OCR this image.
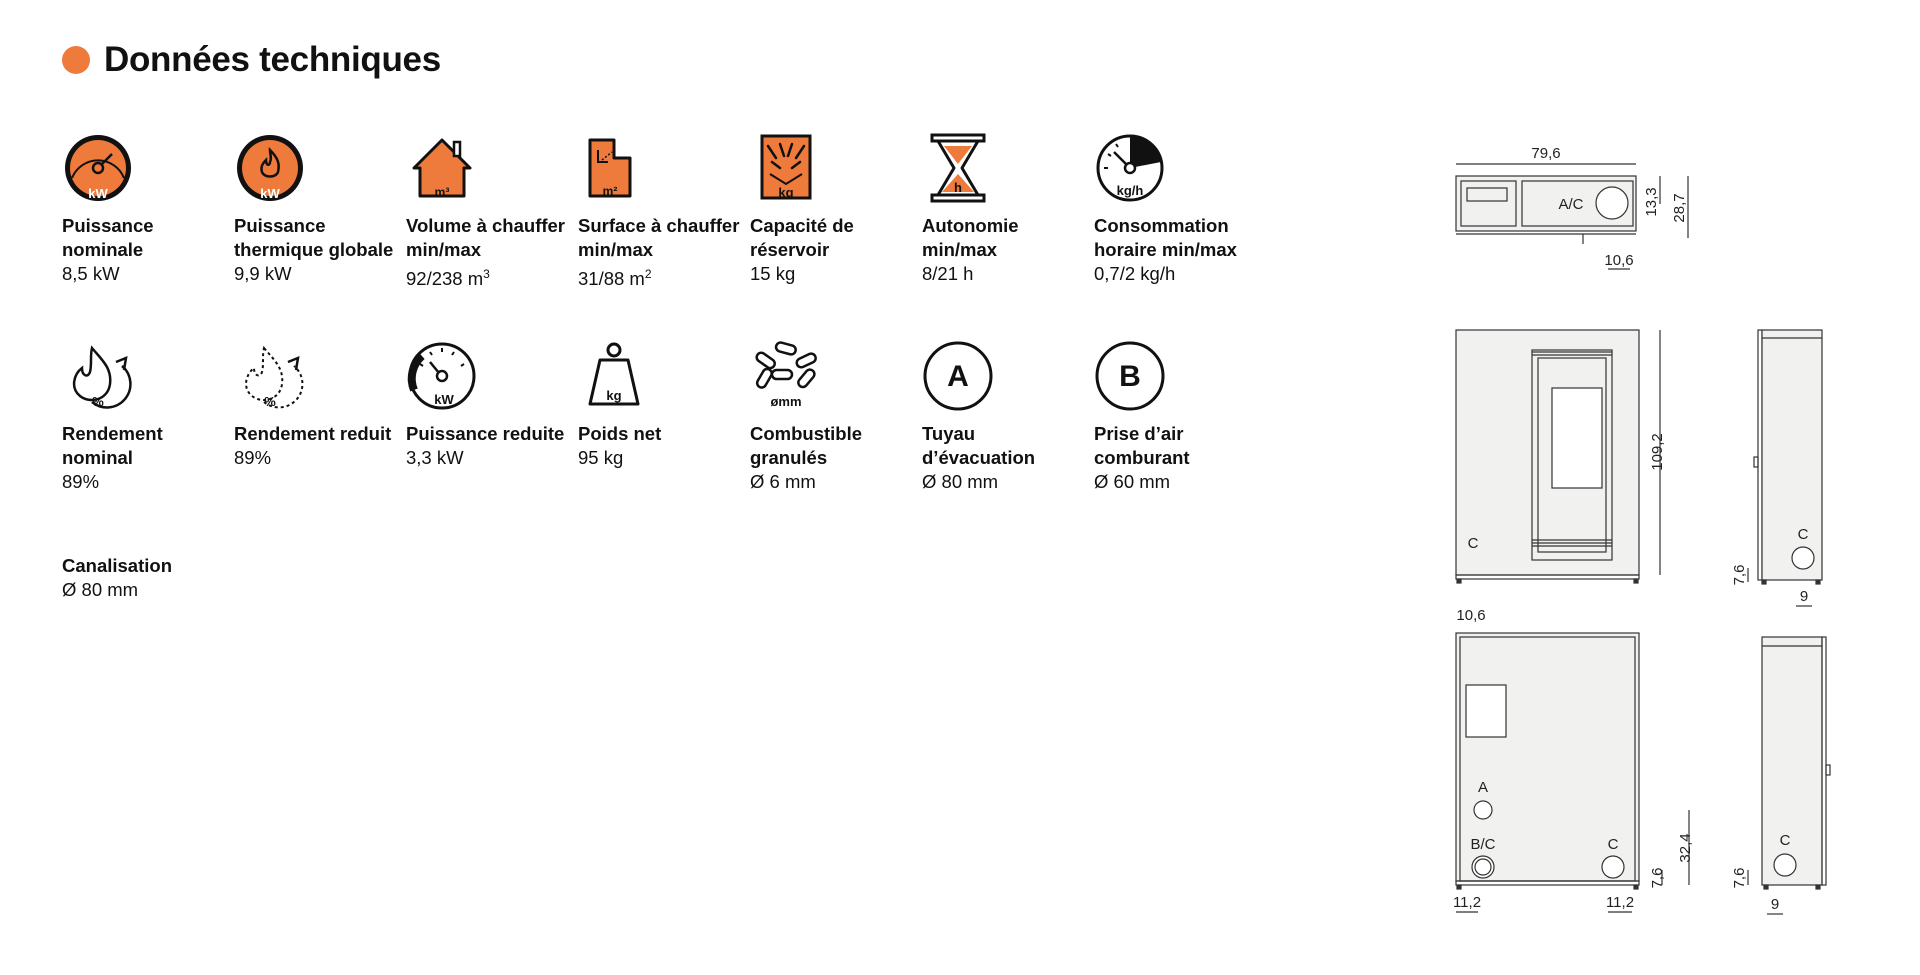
Données techniques
kW
Puissance nominale
8,5 kW
kW
Puissance thermique globale
9,9 kW
m³
Volume à chauffer min/max
92/238 $m^3$
m²
Surface à chauffer min/max
31/88 $m^2$
kg
Capacité de réservoir
15 kg
h
Autonomie min/max
8/21 h
kg/h
Consommation horaire min/max
0,7/2 kg/h
%
Rendement nominal
89%
%
Rendement reduit
89%
kW
Puissance reduite
3,3 kW
kg
Poids net
95 kg
ømm
Combustible granulés
Ø 6 mm
A
Tuyau d’évacuation
Ø 80 mm
B
Prise d’air comburant
Ø 60 mm
Canalisation
Ø 80 mm
79,6
A/C	13,3 28,7
10,6
C
109,2
10,6
C
7,6
9
A
B/C	C	32,4
7,6
11,2	11,2
C
7,6
9
